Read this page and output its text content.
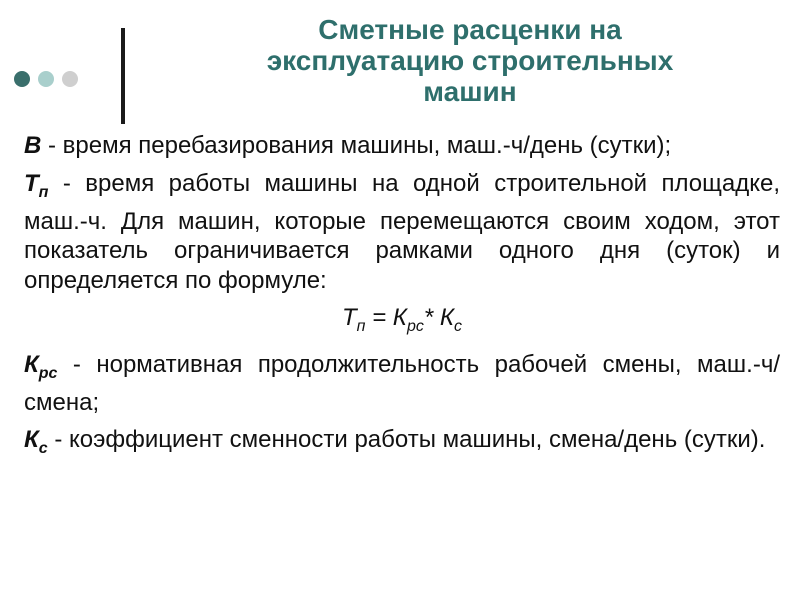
Сметные расценки на
эксплуатацию строительных
машин

В - время перебазирования машины, маш.-ч/день (сутки);

$Т_п$ - время работы машины на одной строительной площадке, маш.-ч. Для машин, которые перемещаются своим ходом, этот показатель ограничивается рамками одного дня (суток) и определяется по формуле:

$Т_п = К_{рс}*$ $К_с$

$К_{рс}$ - нормативная продолжительность рабочей смены, маш.-ч/смена;

$К_с$ - коэффициент сменности работы машины, смена/день (сутки).
